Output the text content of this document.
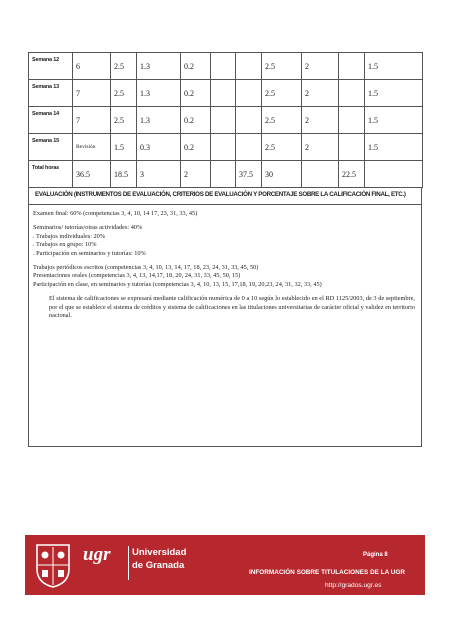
Semana 12	6	2.5	1.3	0.2			2.5	2		1.5
Semana 13	7	2.5	1.3	0.2			2.5	2		1.5
Semana 14	7	2.5	1.3	0.2			2.5	2		1.5
Semana 15	Revisión	1.5	0.3	0.2			2.5	2		1.5
Total horas	36.5	18.5	3	2		37.5	30		22.5	
EVALUACIÓN (INSTRUMENTOS DE EVALUACIÓN, CRITERIOS DE EVALUACIÓN Y PORCENTAJE SOBRE LA CALIFICACIÓN FINAL, ETC.)

Examen final: 60% (competencias 3, 4, 10, 14 17, 23, 31, 33, 45)

Seminarios/ tutorías/otras actividades: 40%
. Trabajos individuales: 20%
. Trabajos en grupo: 10%
. Participación en seminarios y tutorías: 10%

Trabajos periódicos escritos (competencias 3, 4, 10, 13, 14, 17, 18, 23, 24, 31, 33, 45, 50)
Presentaciones orales (competencias 3, 4, 13, 14,17, 18, 20, 24, 31, 33, 45, 50, 15)
Participación en clase, en seminarios y tutorías (competencias 3, 4, 10, 13, 15, 17,18, 19, 20,23, 24, 31, 32, 33, 45)

El sistema de calificaciones se expresará mediante calificación numérica de 0 a 10 según lo establecido en el RD 1125/2003, de 3 de septiembre, por el que se establece el sistema de créditos y sistema de calificaciones en las titulaciones universitarias de carácter oficial y validez en territorio nacional.

ugr Universidad
de Granada
Página 8
INFORMACIÓN SOBRE TITULACIONES DE LA UGR
http://grados.ugr.es
